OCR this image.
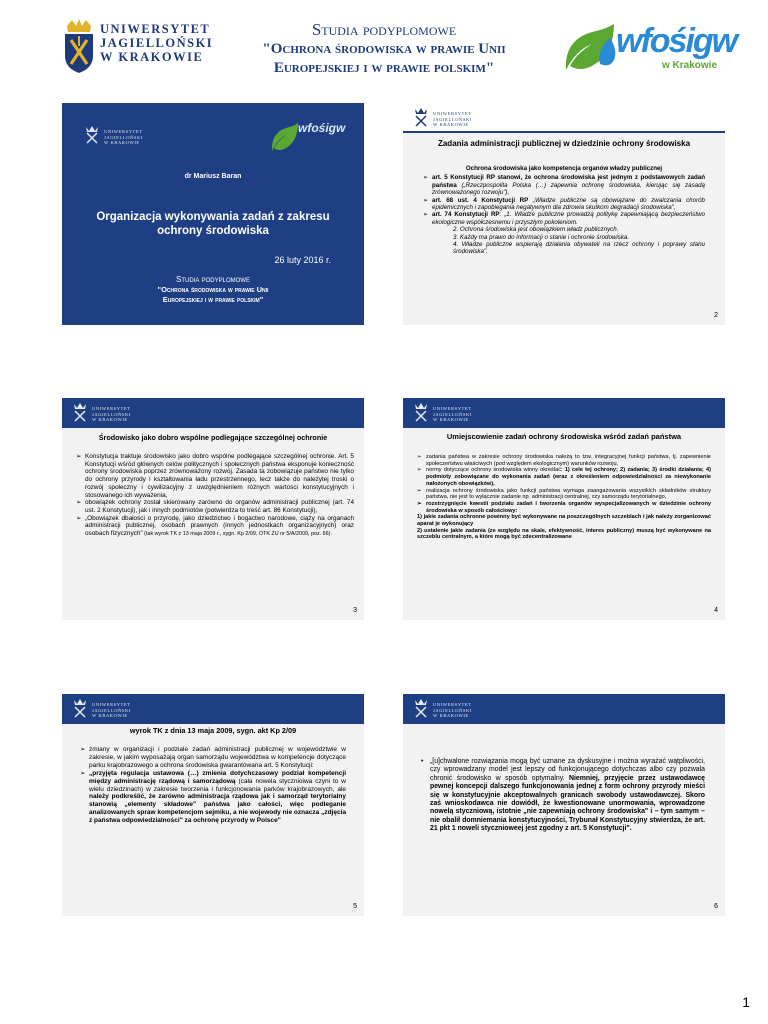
UNIWERSYTET
JAGIELLOŃSKI
W KRAKOWIE
Studia podyplomowe
"Ochrona środowiska w prawie Unii
Europejskiej i w prawie polskim"
wfośigw
w Krakowie
UNIWERSYTET
JAGIELLOŃSKI
W KRAKOWIE
wfośigw
dr Mariusz Baran
Organizacja wykonywania zadań z zakresu ochrony środowiska
26 luty 2016 r.
Studia podyplomowe
"Ochrona środowiska w prawie Unii
Europejskiej i w prawie polskim"
UNIWERSYTET
JAGIELLOŃSKI
W KRAKOWIE
Zadania administracji publicznej w dziedzinie ochrony środowiska

Ochrona środowiska jako kompetencja organów władzy publicznej

➢ art. 5 Konstytucji RP stanowi, że ochrona środowiska jest jednym z podstawowych zadań państwa („Rzeczpospolita Polska (…) zapewnia ochronę środowiska, kierując się zasadą zrównoważonego rozwoju"),

➢ art. 68 ust. 4 Konstytucji RP „Władze publiczne są obowiązane do zwalczania chorób epidemicznych i zapobiegania negatywnym dla zdrowia skutkom degradacji środowiska",

➢ art. 74 Konstytucji RP: „1. Władze publiczne prowadzą politykę zapewniającą bezpieczeństwo ekologiczne współczesnemu i przyszłym pokoleniom.

2. Ochrona środowiska jest obowiązkiem władz publicznych.

3. Każdy ma prawo do informacji o stanie i ochronie środowiska.

4. Władze publiczne wspierają działania obywateli na rzecz ochrony i poprawy stanu środowiska".

2
UNIWERSYTET
JAGIELLOŃSKI
W KRAKOWIE
Środowisko jako dobro wspólne podlegające szczególnej ochronie

➢ Konstytucja traktuje środowisko jako dobro wspólne podlegające szczególnej ochronie. Art. 5 Konstytucji wśród głównych celów politycznych i społecznych państwa eksponuje konieczność ochrony środowiska poprzez zrównoważony rozwój. Zasada ta zobowiązuje państwo nie tylko do ochrony przyrody i kształtowania ładu przestrzennego, lecz także do należytej troski o rozwój społeczny i cywilizacyjny z uwzględnieniem różnych wartości konstytucyjnych i stosowanego ich wyważenia,

➢ obowiązek ochrony został skierowany zarówno do organów administracji publicznej (art. 74 ust. 2 Konstytucji), jak i innych podmiotów (potwierdza to treść art. 86 Konstytucji),

➢ „Obowiązek dbałości o przyrodę, jako dziedzictwo i bogactwo narodowe, ciąży na organach administracji publicznej, osobach prawnych (innych jednostkach organizacyjnych) oraz osobach fizycznych" (tak wyrok TK z 13 maja 2009 r., sygn. Kp 2/09, OTK ZU nr 5/A/2009, poz. 66).

3
UNIWERSYTET
JAGIELLOŃSKI
W KRAKOWIE
Umiejscowienie zadań ochrony środowiska wśród zadań państwa

➢ zadania państwa w zakresie ochrony środowiska należą to tzw. integracyjnej funkcji państwa, tj. zapewnienie społeczeństwu właściwych (pod względem ekologicznym) warunków rozwoju,

➢ normy dotyczące ochrony środowiska winny określać: 1) cele tej ochrony; 2) zadania; 3) środki działania; 4) podmioty zobowiązane do wykonania zadań (wraz z określeniem odpowiedzialności za niewykonanie nałożonych obowiązków),

➢ realizacja ochrony środowiska jako funkcji państwa wymaga zaangażowania wszystkich składników struktury państwa, nie jest to wyłącznie zadanie np. administracji centralnej, czy samorządu terytorialnego,

➢ rozstrzygnięcie kwestii podziału zadań i tworzenia organów wyspecjalizowanych w dziedzinie ochrony środowiska w sposób całościowy:

1) jakie zadania ochronne powinny być wykonywane na poszczególnych szczeblach i jak należy zorganizować aparat je wykonujący

2) ustalenie jakie zadania (ze względu na skale, efektywność, interes publiczny) muszą być wykonywane na szczeblu centralnym, a które mogą być zdecentralizowane

4
UNIWERSYTET
JAGIELLOŃSKI
W KRAKOWIE
wyrok TK z dnia 13 maja 2009, sygn. akt Kp 2/09

➢ zmiany w organizacji i podziale zadań administracji publicznej w województwie w zakresie, w jakim wyposażają organ samorządu województwa w kompetencje dotyczące parku krajobrazowego a ochrona środowiska gwarantowana art. 5 Konstytucji:

➢ „przyjęta regulacja ustawowa (…) zmienia dotychczasowy podział kompetencji między administrację rządową i samorządową (cała nowela stycznioiwa czyni to w wielu dziedzinach) w zakresie tworzenia i funkcjonowania parków krajobrazowych, ale należy podkreślić, że zarówno administracja rządowa jak i samorząd terytorialny stanowią „elementy składowe" państwa jako całości, więc podleganie analizowanych spraw kompetencjom sejmiku, a nie wojewody nie oznacza „zdjęcia z państwa odpowiedzialności" za ochronę przyrody w Polsce"

5
UNIWERSYTET
JAGIELLOŃSKI
W KRAKOWIE

• „[u]chwalone rozwiązania mogą być uznane za dyskusyjne i można wyrażać wątpliwości, czy wprowadzany model jest lepszy od funkcjonującego dotychczas albo czy pozwala chronić środowisko w sposób optymalny. Niemniej, przyjęcie przez ustawodawcę pewnej koncepcji dalszego funkcjonowania jednej z form ochrony przyrody mieści się w konstytucyjnie akceptowalnych granicach swobody ustawodawczej. Skoro zaś wnioskodawca nie dowiódł, że kwestionowane unormowania, wprowadzone nowelą styczniową, istotnie „nie zapewniają ochrony środowiska" i – tym samym – nie obalił domniemania konstytucyjności, Trybunał Konstytucyjny stwierdza, że art. 21 pkt 1 noweli stycznioweej jest zgodny z art. 5 Konstytucji".

6
1
